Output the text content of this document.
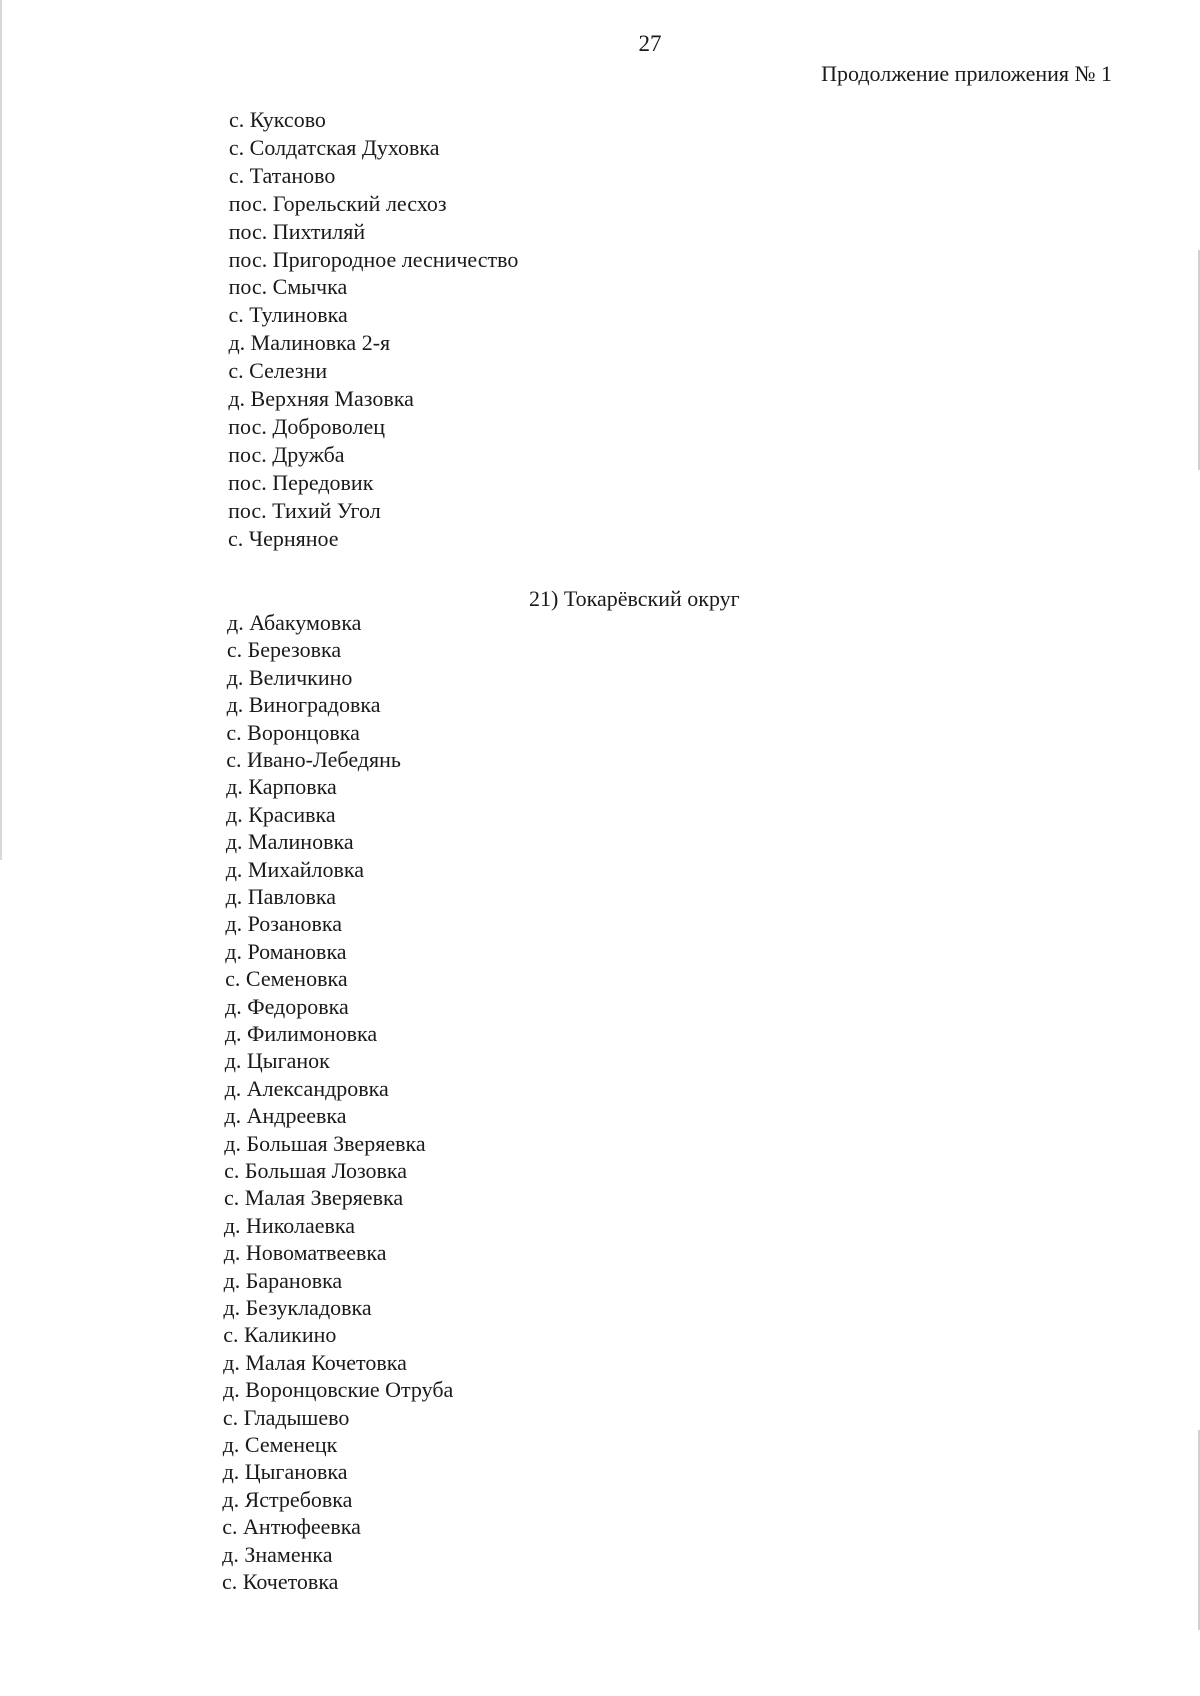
27
Продолжение приложения № 1
с. Куксово
с. Солдатская Духовка
с. Татаново
пос. Горельский лесхоз
пос. Пихтиляй
пос. Пригородное лесничество
пос. Смычка
с. Тулиновка
д. Малиновка 2-я
с. Селезни
д. Верхняя Мазовка
пос. Доброволец
пос. Дружба
пос. Передовик
пос. Тихий Угол
с. Черняное
21) Токарёвский округ
д. Абакумовка
с. Березовка
д. Величкино
д. Виноградовка
с. Воронцовка
с. Ивано-Лебедянь
д. Карповка
д. Красивка
д. Малиновка
д. Михайловка
д. Павловка
д. Розановка
д. Романовка
с. Семеновка
д. Федоровка
д. Филимоновка
д. Цыганок
д. Александровка
д. Андреевка
д. Большая Зверяевка
с. Большая Лозовка
с. Малая Зверяевка
д. Николаевка
д. Новоматвеевка
д. Барановка
д. Безукладовка
с. Каликино
д. Малая Кочетовка
д. Воронцовские Отруба
с. Гладышево
д. Семенецк
д. Цыгановка
д. Ястребовка
с. Антюфеевка
д. Знаменка
с. Кочетовка
